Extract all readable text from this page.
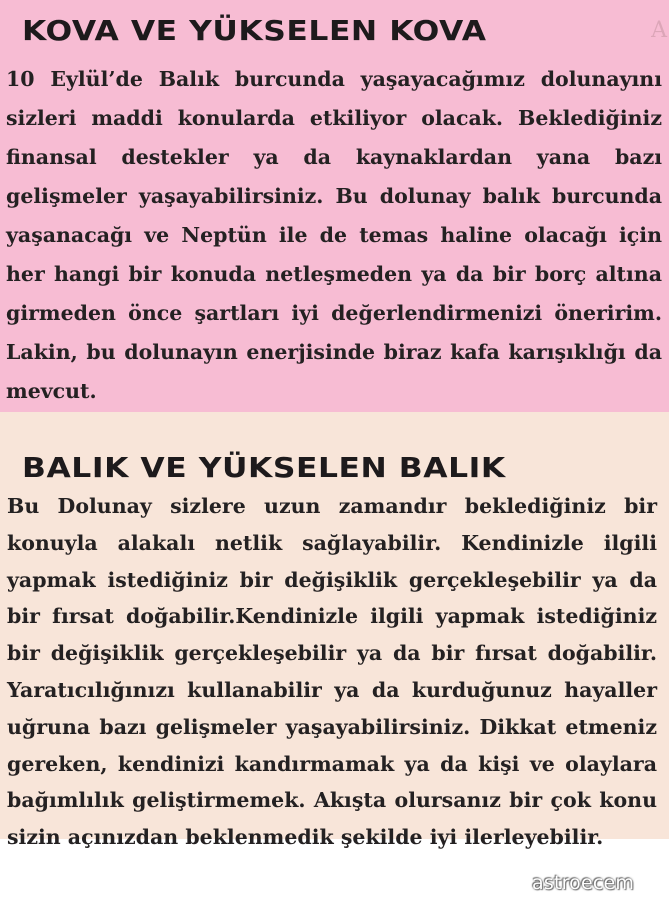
KOVA VE YÜKSELEN KOVA

10 Eylül’de Balık burcunda yaşayacağımız dolunayını sizleri maddi konularda etkiliyor olacak. Beklediğiniz finansal destekler ya da kaynaklardan yana bazı gelişmeler yaşayabilirsiniz. Bu dolunay balık burcunda yaşanacağı ve Neptün ile de temas haline olacağı için her hangi bir konuda netleşmeden ya da bir borç altına girmeden önce şartları iyi değerlendirmenizi öneririm. Lakin, bu dolunayın enerjisinde biraz kafa karışıklığı da mevcut.

A
BALIK VE YÜKSELEN BALIK

Bu Dolunay sizlere uzun zamandır beklediğiniz bir konuyla alakalı netlik sağlayabilir. Kendinizle ilgili yapmak istediğiniz bir değişiklik gerçekleşebilir ya da bir fırsat doğabilir.Kendinizle ilgili yapmak istediğiniz bir değişiklik gerçekleşebilir ya da bir fırsat doğabilir. Yaratıcılığınızı kullanabilir ya da kurduğunuz hayaller uğruna bazı gelişmeler yaşayabilirsiniz. Dikkat etmeniz gereken, kendinizi kandırmamak ya da kişi ve olaylara bağımlılık geliştirmemek. Akışta olursanız bir çok konu sizin açınızdan beklenmedik şekilde iyi ilerleyebilir.

astroecem
